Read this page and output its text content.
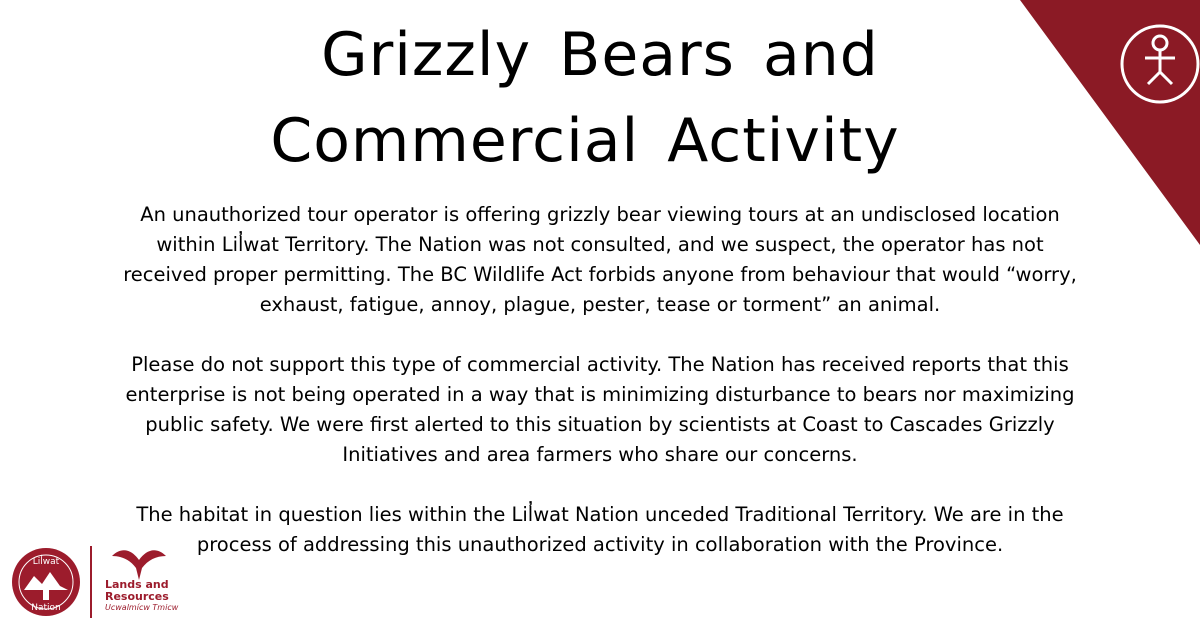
Grizzly Bears and
Commercial Activity

An unauthorized tour operator is offering grizzly bear viewing tours at an undisclosed location within Lil̓wat Territory. The Nation was not consulted, and we suspect, the operator has not received proper permitting. The BC Wildlife Act forbids anyone from behaviour that would “worry, exhaust, fatigue, annoy, plague, pester, tease or torment” an animal.

Please do not support this type of commercial activity. The Nation has received reports that this enterprise is not being operated in a way that is minimizing disturbance to bears nor maximizing public safety. We were first alerted to this situation by scientists at Coast to Cascades Grizzly Initiatives and area farmers who share our concerns.

The habitat in question lies within the Lil̓wat Nation unceded Traditional Territory. We are in the process of addressing this unauthorized activity in collaboration with the Province.

Lil̓wat
Nation
Lands and
Resources
Ucwalmícw Tmicw
